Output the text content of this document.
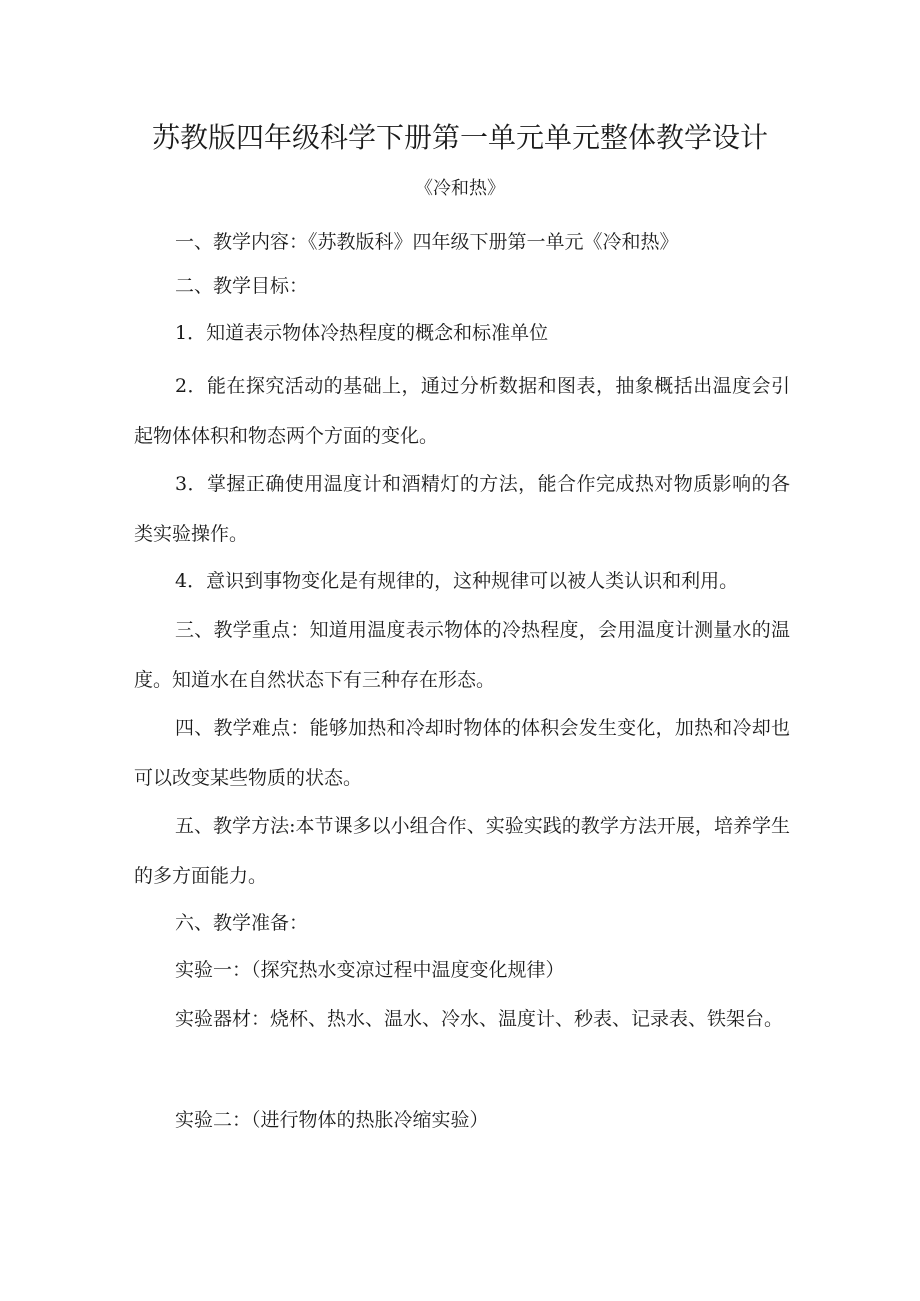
苏教版四年级科学下册第一单元单元整体教学设计
《冷和热》
一、教学内容：《苏教版科》四年级下册第一单元《冷和热》
二、教学目标：
1．知道表示物体冷热程度的概念和标准单位
2．能在探究活动的基础上，通过分析数据和图表，抽象概括出温度会引起物体体积和物态两个方面的变化。
3．掌握正确使用温度计和酒精灯的方法，能合作完成热对物质影响的各类实验操作。
4．意识到事物变化是有规律的，这种规律可以被人类认识和利用。
三、教学重点：知道用温度表示物体的冷热程度，会用温度计测量水的温度。知道水在自然状态下有三种存在形态。
四、教学难点：能够加热和冷却时物体的体积会发生变化，加热和冷却也可以改变某些物质的状态。
五、教学方法:本节课多以小组合作、实验实践的教学方法开展，培养学生的多方面能力。
六、教学准备：
实验一：（探究热水变凉过程中温度变化规律）
实验器材：烧杯、热水、温水、冷水、温度计、秒表、记录表、铁架台。
实验二：（进行物体的热胀冷缩实验）
